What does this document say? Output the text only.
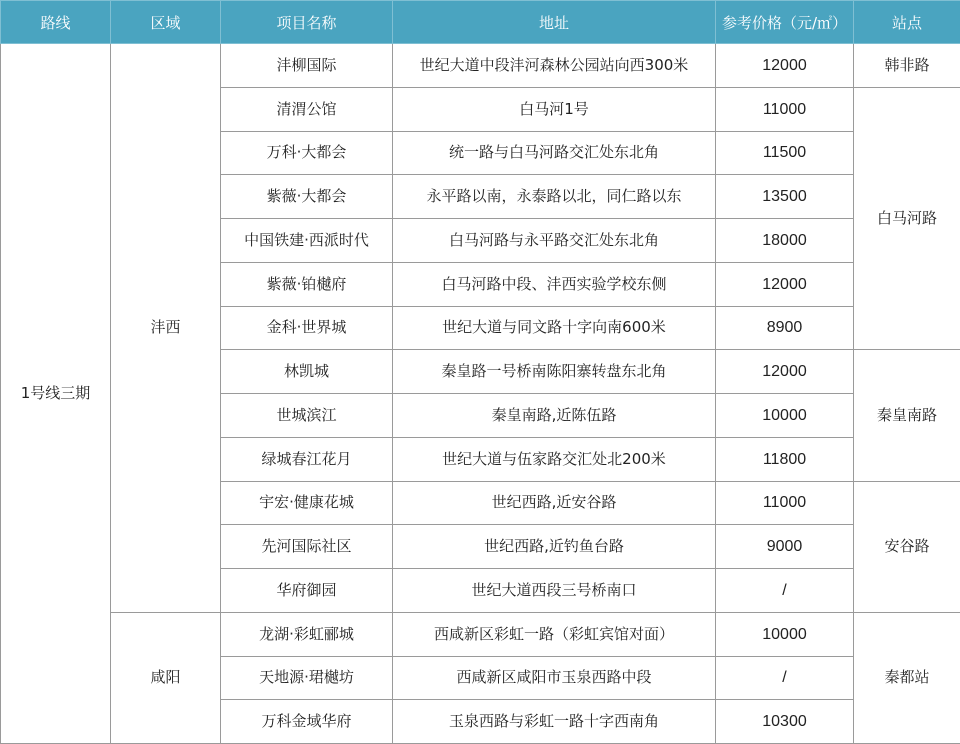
路线	区域	项目名称	地址	参考价格（元/㎡）	站点
1号线三期	沣西	沣柳国际	世纪大道中段沣河森林公园站向西300米	12000	韩非路
		清渭公馆	白马河1号	11000	白马河路
		万科·大都会	统一路与白马河路交汇处东北角	11500	
		紫薇·大都会	永平路以南，永泰路以北，同仁路以东	13500	
		中国铁建·西派时代	白马河路与永平路交汇处东北角	18000	
		紫薇·铂樾府	白马河路中段、沣西实验学校东侧	12000	
		金科·世界城	世纪大道与同文路十字向南600米	8900	
		林凯城	秦皇路一号桥南陈阳寨转盘东北角	12000	秦皇南路
		世城滨江	秦皇南路,近陈伍路	10000	
		绿城春江花月	世纪大道与伍家路交汇处北200米	11800	
		宇宏·健康花城	世纪西路,近安谷路	11000	安谷路
		先河国际社区	世纪西路,近钓鱼台路	9000	
		华府御园	世纪大道西段三号桥南口	/	
	咸阳	龙湖·彩虹郦城	西咸新区彩虹一路（彩虹宾馆对面）	10000	秦都站
		天地源·珺樾坊	西咸新区咸阳市玉泉西路中段	/	
		万科金域华府	玉泉西路与彩虹一路十字西南角	10300	
